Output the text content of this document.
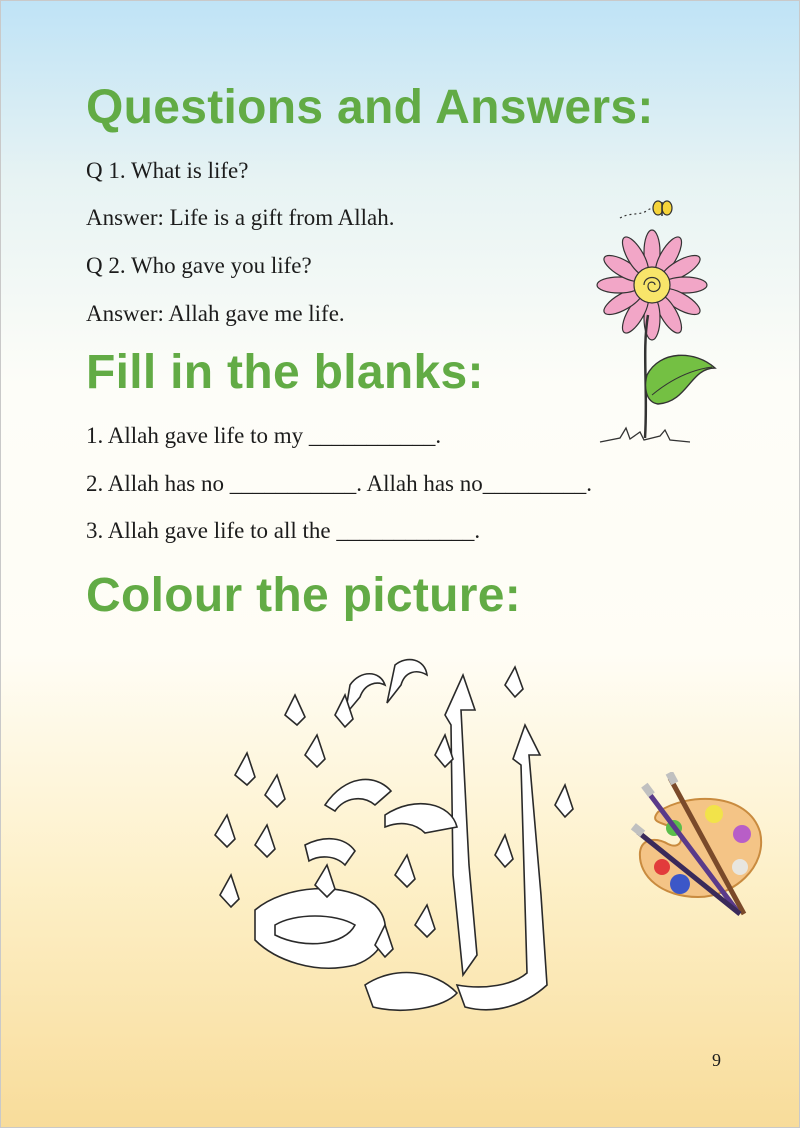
Questions and Answers:

Q 1. What is life?

Answer: Life is a gift from Allah.

Q 2. Who gave you life?

Answer: Allah gave me life.

Fill in the blanks:

1. Allah gave life to my ___________.

2. Allah has no ___________. Allah has no_________.

3. Allah gave life to all the ____________.

Colour the picture:
9
